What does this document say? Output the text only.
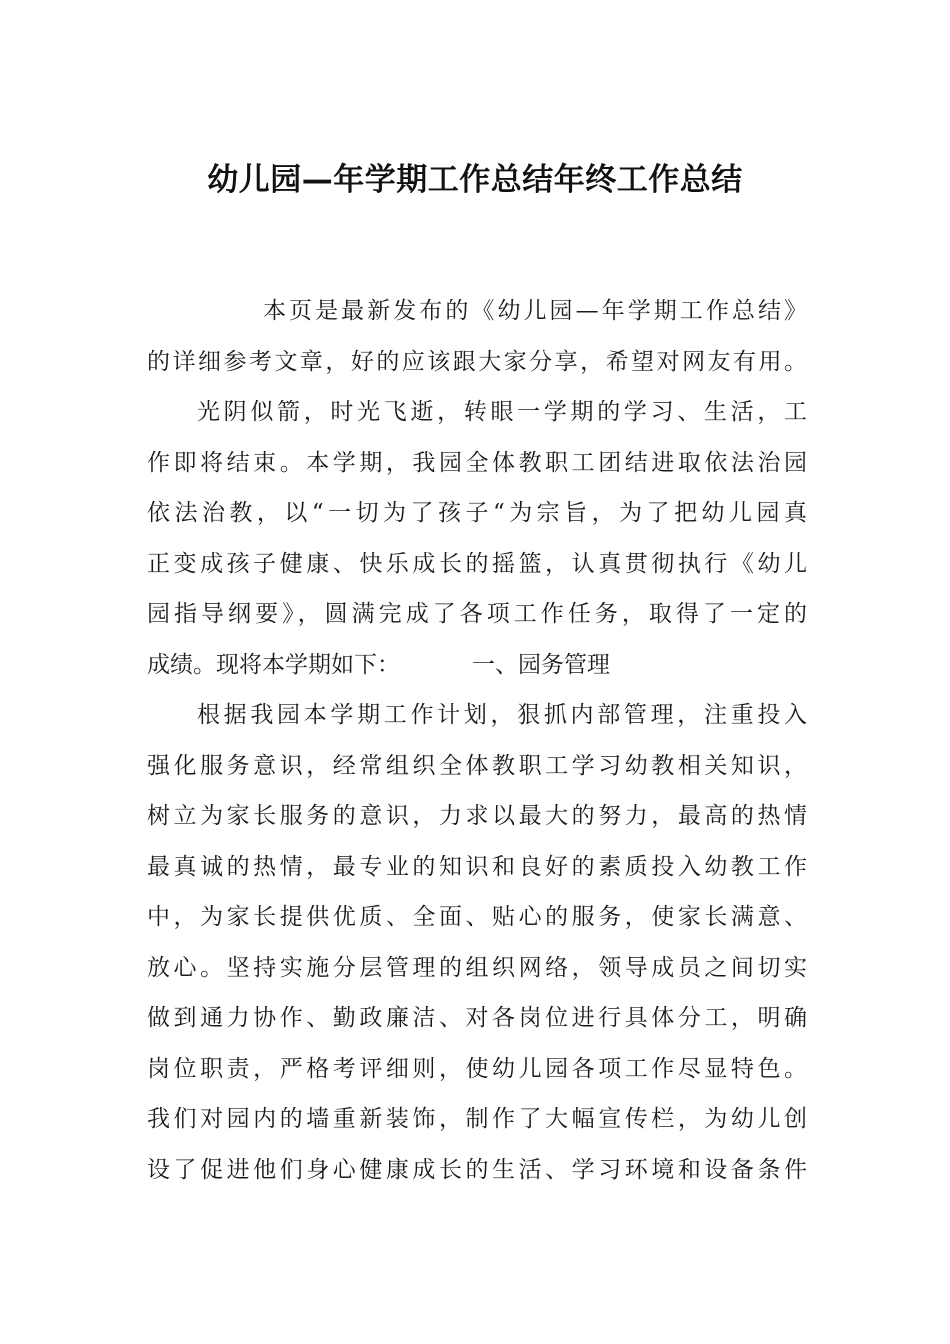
幼儿园—年学期工作总结年终工作总结
本页是最新发布的《幼儿园—年学期工作总结》
的详细参考文章，好的应该跟大家分享，希望对网友有用。
光阴似箭，时光飞逝，转眼一学期的学习、生活，工
作即将结束。本学期，我园全体教职工团结进取依法治园
依法治教，以“一切为了孩子“为宗旨，为了把幼儿园真
正变成孩子健康、快乐成长的摇篮，认真贯彻执行《幼儿
园指导纲要》，圆满完成了各项工作任务，取得了一定的
成绩。现将本学期如下：	一、园务管理
根据我园本学期工作计划，狠抓内部管理，注重投入
强化服务意识，经常组织全体教职工学习幼教相关知识，
树立为家长服务的意识，力求以最大的努力，最高的热情
最真诚的热情，最专业的知识和良好的素质投入幼教工作
中，为家长提供优质、全面、贴心的服务，使家长满意、
放心。坚持实施分层管理的组织网络，领导成员之间切实
做到通力协作、勤政廉洁、对各岗位进行具体分工，明确
岗位职责，严格考评细则，使幼儿园各项工作尽显特色。
我们对园内的墙重新装饰，制作了大幅宣传栏，为幼儿创
设了促进他们身心健康成长的生活、学习环境和设备条件
